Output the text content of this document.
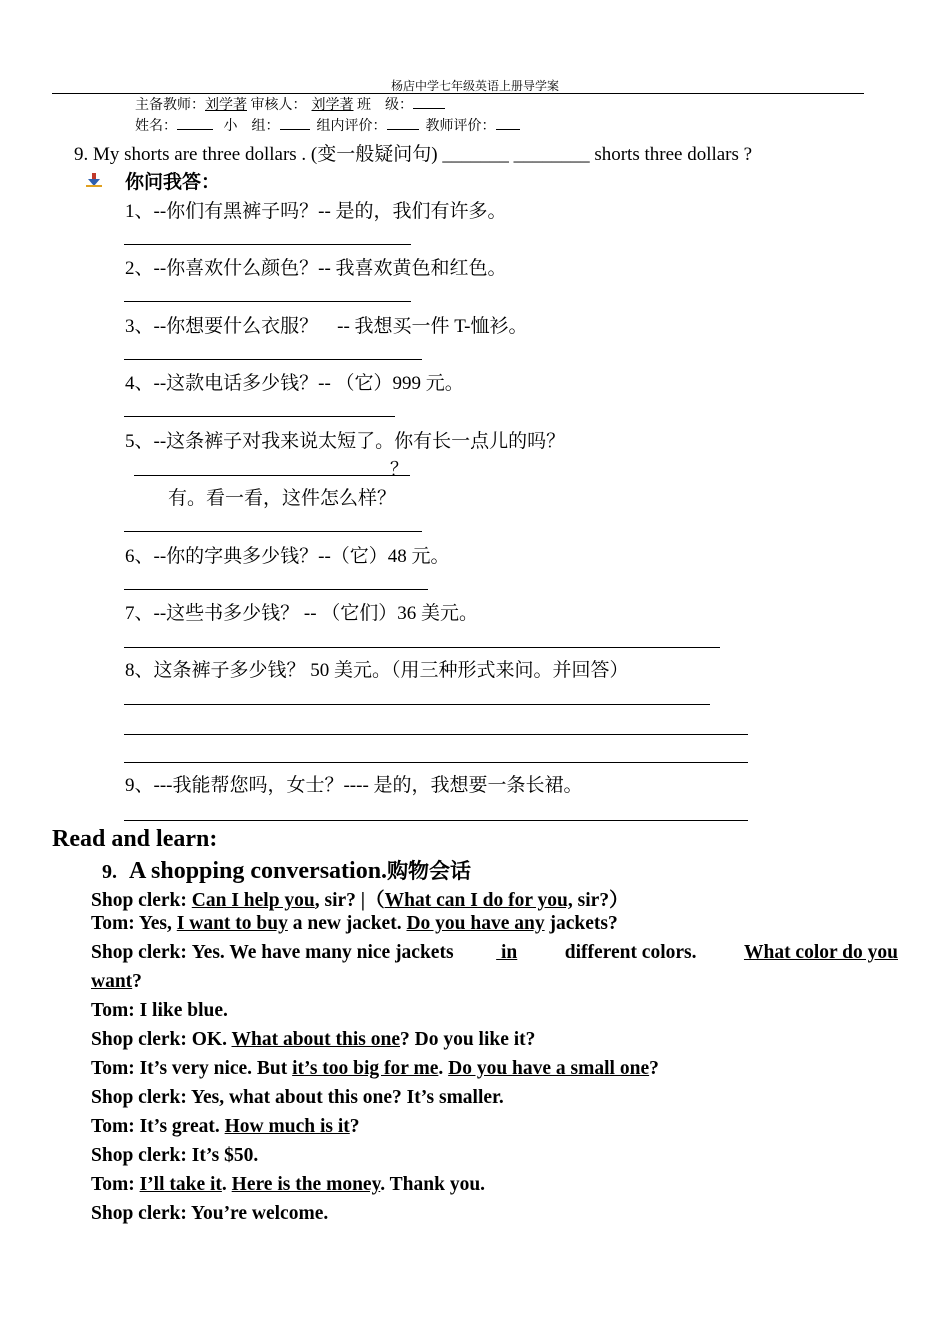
杨店中学七年级英语上册导学案
主备教师：刘学著 审核人： 刘学著 班　级：
姓名：	小　组：	组内评价：	教师评价：
9. My shorts are three dollars . (变一般疑问句) _______ ________ shorts three dollars ?
你问我答：
1、--你们有黑裤子吗？-- 是的，我们有许多。
2、--你喜欢什么颜色？-- 我喜欢黄色和红色。
3、--你想要什么衣服？　-- 我想买一件 T-恤衫。
4、--这款电话多少钱？-- （它）999 元。
5、--这条裤子对我来说太短了。你有长一点儿的吗？
？
有。看一看，这件怎么样？
6、--你的字典多少钱？--（它）48 元。
7、--这些书多少钱？ -- （它们）36 美元。
8、这条裤子多少钱？ 50 美元。（用三种形式来问。并回答）
9、---我能帮您吗，女士？---- 是的，我想要一条长裙。
Read and learn:
9. A shopping conversation.购物会话
Shop clerk: Can I help you, sir? |（What can I do for you, sir?）
Tom: Yes, I want to buy a new jacket. Do you have any jackets?
Shop clerk: Yes. We have many nice jackets in different colors. What color do you
want?
Tom: I like blue.
Shop clerk: OK. What about this one? Do you like it?
Tom: It’s very nice. But it’s too big for me. Do you have a small one?
Shop clerk: Yes, what about this one? It’s smaller.
Tom: It’s great. How much is it?
Shop clerk: It’s $50.
Tom: I’ll take it. Here is the money. Thank you.
Shop clerk: You’re welcome.
